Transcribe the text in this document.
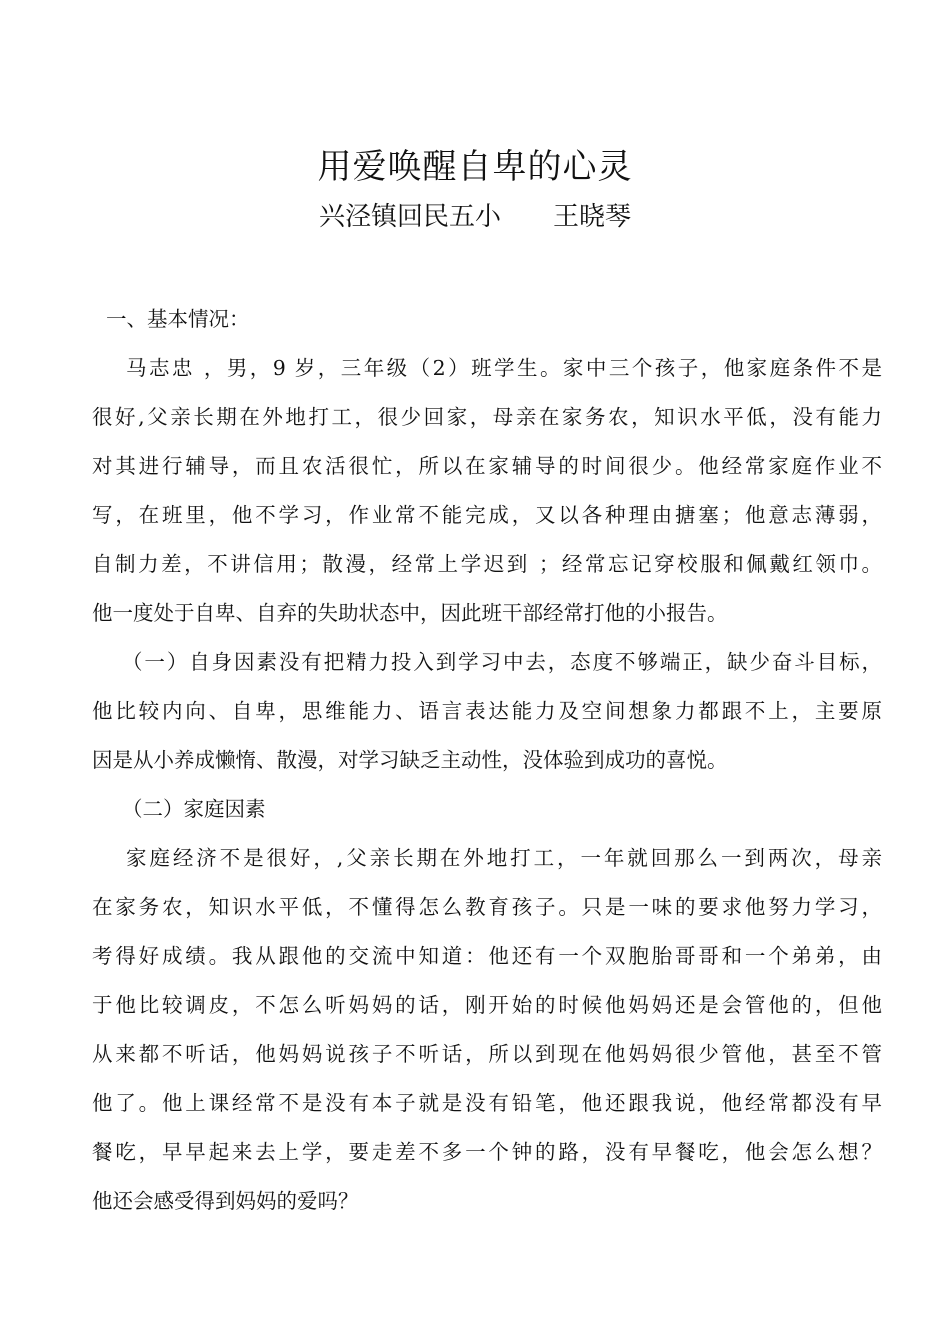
用爱唤醒自卑的心灵
兴泾镇回民五小　　王晓琴
一、基本情况：
马志忠 ，男，9 岁，三年级（2）班学生。家中三个孩子，他家庭条件不是
很好,父亲长期在外地打工，很少回家，母亲在家务农，知识水平低，没有能力
对其进行辅导，而且农活很忙，所以在家辅导的时间很少。他经常家庭作业不
写，在班里，他不学习，作业常不能完成，又以各种理由搪塞；他意志薄弱，
自制力差，不讲信用；散漫，经常上学迟到 ；经常忘记穿校服和佩戴红领巾。
他一度处于自卑、自弃的失助状态中，因此班干部经常打他的小报告。
（一）自身因素没有把精力投入到学习中去，态度不够端正，缺少奋斗目标，
他比较内向、自卑，思维能力、语言表达能力及空间想象力都跟不上，主要原
因是从小养成懒惰、散漫，对学习缺乏主动性，没体验到成功的喜悦。
（二）家庭因素
家庭经济不是很好，,父亲长期在外地打工，一年就回那么一到两次，母亲
在家务农，知识水平低，不懂得怎么教育孩子。只是一味的要求他努力学习，
考得好成绩。我从跟他的交流中知道：他还有一个双胞胎哥哥和一个弟弟，由
于他比较调皮，不怎么听妈妈的话，刚开始的时候他妈妈还是会管他的，但他
从来都不听话，他妈妈说孩子不听话，所以到现在他妈妈很少管他，甚至不管
他了。他上课经常不是没有本子就是没有铅笔，他还跟我说，他经常都没有早
餐吃，早早起来去上学，要走差不多一个钟的路，没有早餐吃，他会怎么想？
他还会感受得到妈妈的爱吗？
